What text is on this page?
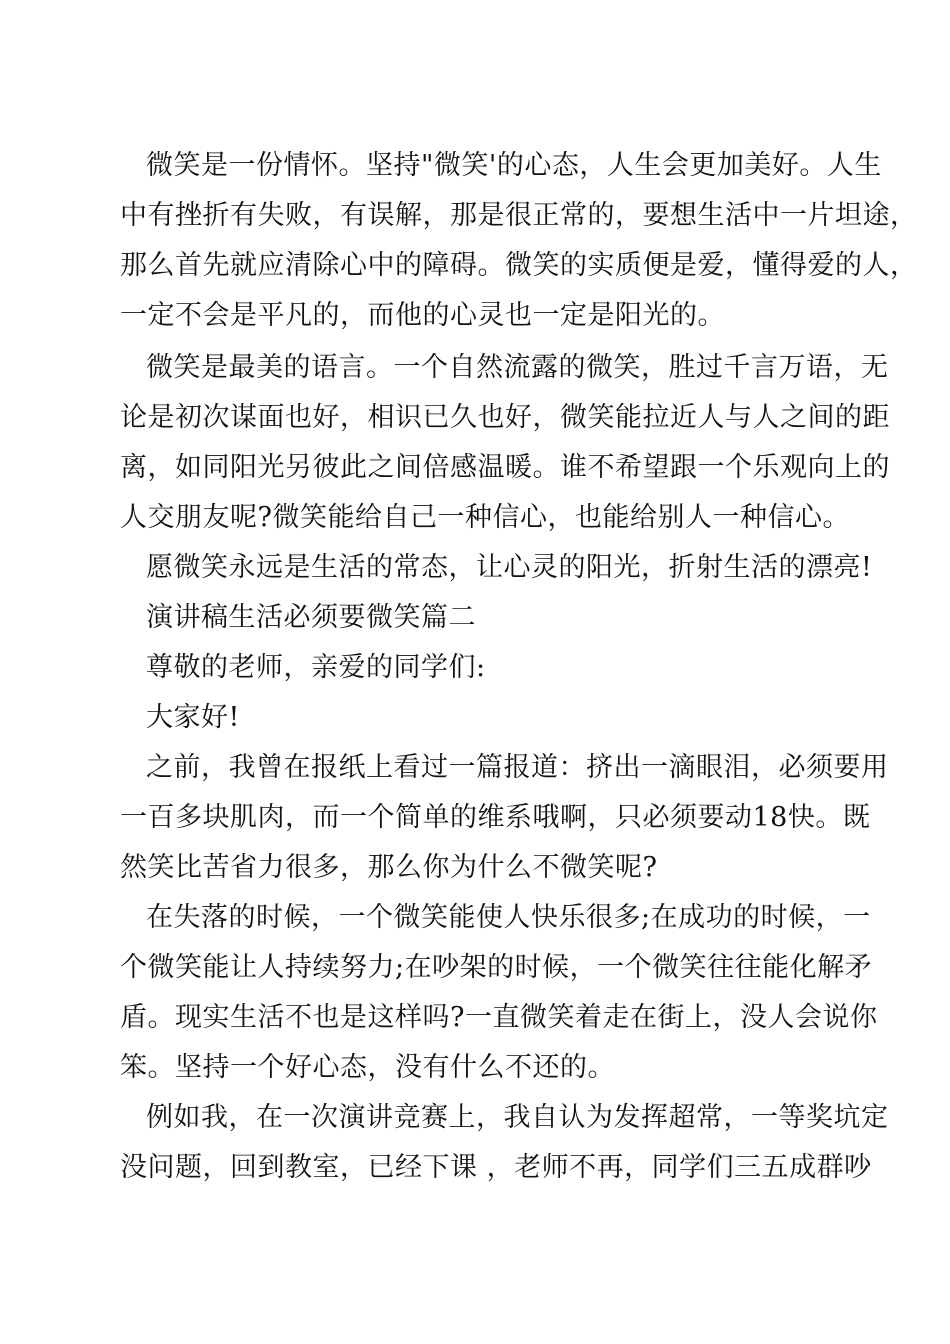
微笑是一份情怀。坚持"微笑'的心态，人生会更加美好。人生
中有挫折有失败，有误解，那是很正常的，要想生活中一片坦途，
那么首先就应清除心中的障碍。微笑的实质便是爱，懂得爱的人，
一定不会是平凡的，而他的心灵也一定是阳光的。
微笑是最美的语言。一个自然流露的微笑，胜过千言万语，无
论是初次谋面也好，相识已久也好，微笑能拉近人与人之间的距
离，如同阳光另彼此之间倍感温暖。谁不希望跟一个乐观向上的
人交朋友呢?微笑能给自己一种信心，也能给别人一种信心。
愿微笑永远是生活的常态，让心灵的阳光，折射生活的漂亮!
演讲稿生活必须要微笑篇二
尊敬的老师，亲爱的同学们:
大家好!
之前，我曾在报纸上看过一篇报道：挤出一滴眼泪，必须要用
一百多块肌肉，而一个简单的维系哦啊，只必须要动18快。既
然笑比苦省力很多，那么你为什么不微笑呢?
在失落的时候，一个微笑能使人快乐很多;在成功的时候，一
个微笑能让人持续努力;在吵架的时候，一个微笑往往能化解矛
盾。现实生活不也是这样吗?一直微笑着走在街上，没人会说你
笨。坚持一个好心态，没有什么不还的。
例如我，在一次演讲竞赛上，我自认为发挥超常，一等奖坑定
没问题，回到教室，已经下课 ，老师不再，同学们三五成群吵
